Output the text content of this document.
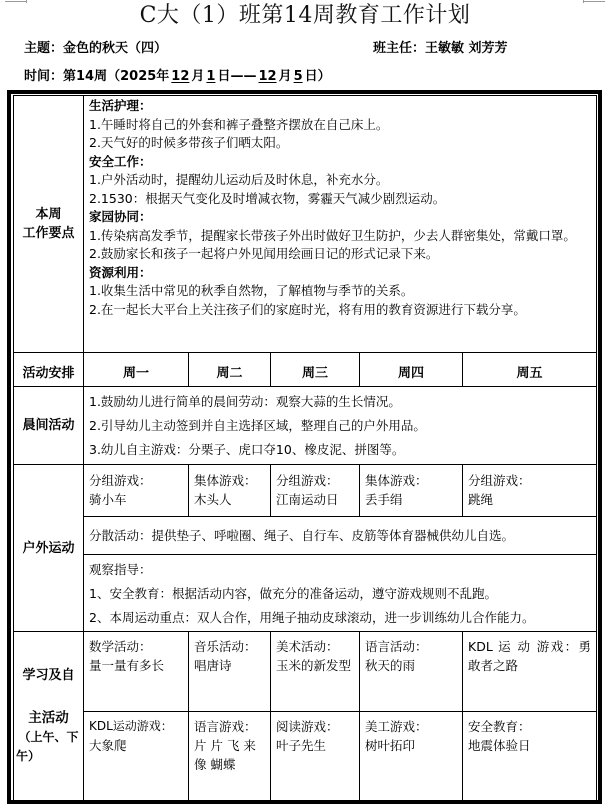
C大（1）班第14周教育工作计划
主题：金色的秋天（四）	班主任：王敏敏 刘芳芳
时间：第14周（2025年 12 月 1 日—— 12 月 5 日）
本周
工作要点

生活护理：
1.午睡时将自己的外套和裤子叠整齐摆放在自己床上。
2.天气好的时候多带孩子们晒太阳。
安全工作：
1.户外活动时，提醒幼儿运动后及时休息，补充水分。
2.1530：根据天气变化及时增减衣物，雾霾天气减少剧烈运动。
家园协同：
1.传染病高发季节，提醒家长带孩子外出时做好卫生防护，少去人群密集处，常戴口罩。
2.鼓励家长和孩子一起将户外见闻用绘画日记的形式记录下来。
资源利用：
1.收集生活中常见的秋季自然物，了解植物与季节的关系。
2.在一起长大平台上关注孩子们的家庭时光，将有用的教育资源进行下载分享。

活动安排	周一	周二	周三	周四	周五
晨间活动	1.鼓励幼儿进行简单的晨间劳动：观察大蒜的生长情况。
2.引导幼儿主动签到并自主选择区域，整理自己的户外用品。
3.幼儿自主游戏：分栗子、虎口夺10、橡皮泥、拼图等。				

户外运动	分组游戏：
骑小车	集体游戏：
木头人	分组游戏：
江南运动日	集体游戏：
丢手绢	分组游戏：
跳绳

	分散活动：提供垫子、呼啦圈、绳子、自行车、皮筋等体育器械供幼儿自选。				

	观察指导：
1、安全教育：根据活动内容，做充分的准备运动，遵守游戏规则不乱跑。
2、本周运动重点：双人合作，用绳子抽动皮球滚动，进一步训练幼儿合作能力。				

学习及自
主活动
（上午、下
午）	数学活动：
量一量有多长	音乐活动：
唱唐诗	美术活动：
玉米的新发型	语言活动：
秋天的雨	KDL 运 动 游戏：勇敢者之路

	KDL运动游戏：
大象爬	语言游戏：
片 片 飞 来 像 蝴蝶	阅读游戏：
叶子先生	美工游戏：
树叶拓印	安全教育：
地震体验日
